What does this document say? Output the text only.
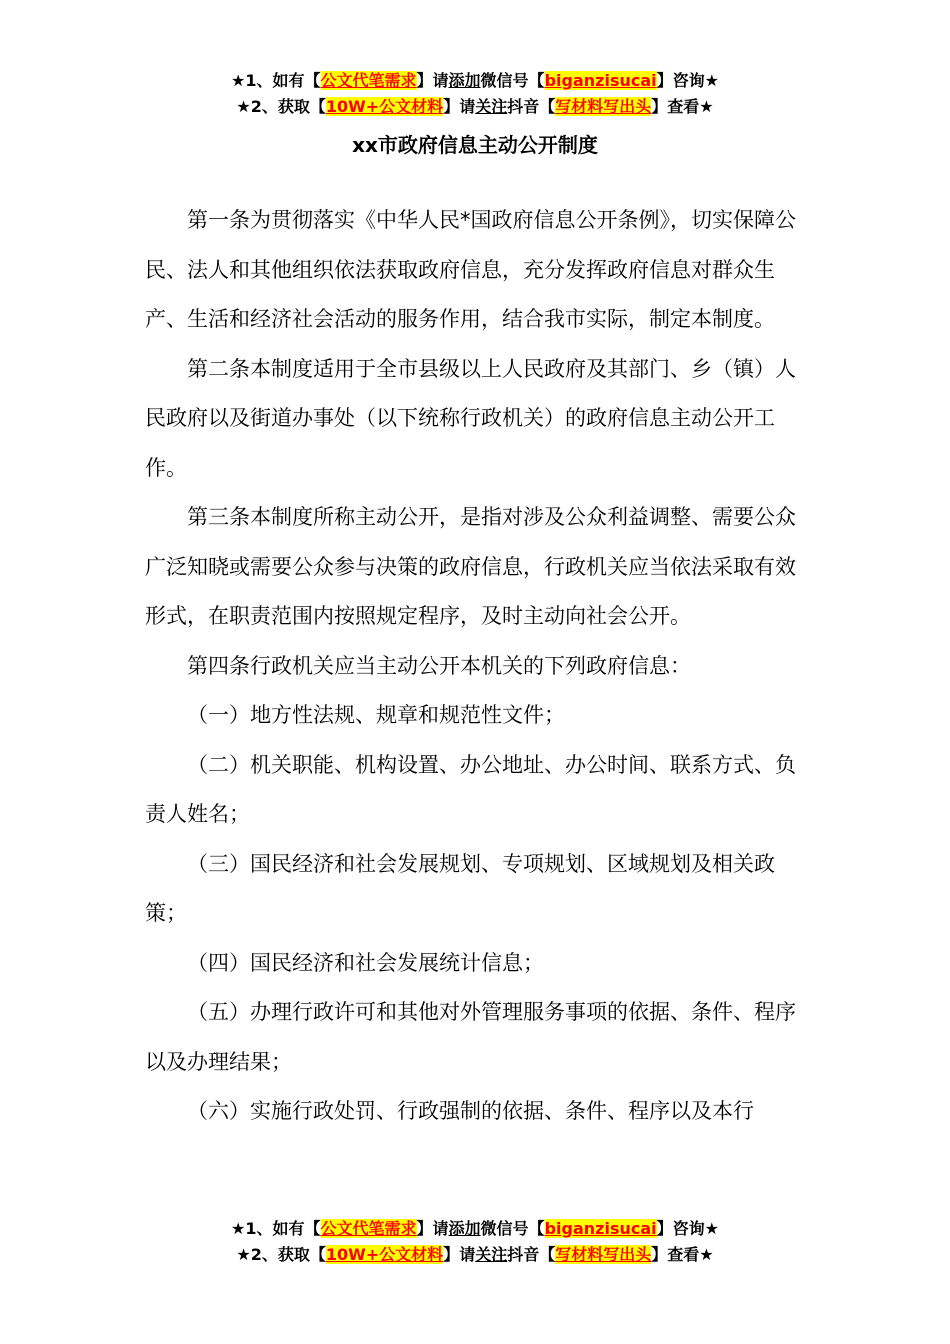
★1、如有【公文代笔需求】请添加微信号【biganzisucai】咨询★
★2、获取【10W+公文材料】请关注抖音【写材料写出头】查看★
xx市政府信息主动公开制度

第一条为贯彻落实《中华人民*国政府信息公开条例》，切实保障公民、法人和其他组织依法获取政府信息，充分发挥政府信息对群众生产、生活和经济社会活动的服务作用，结合我市实际，制定本制度。

第二条本制度适用于全市县级以上人民政府及其部门、乡（镇）人民政府以及街道办事处（以下统称行政机关）的政府信息主动公开工作。

第三条本制度所称主动公开，是指对涉及公众利益调整、需要公众广泛知晓或需要公众参与决策的政府信息，行政机关应当依法采取有效形式，在职责范围内按照规定程序，及时主动向社会公开。

第四条行政机关应当主动公开本机关的下列政府信息：

（一）地方性法规、规章和规范性文件；

（二）机关职能、机构设置、办公地址、办公时间、联系方式、负责人姓名；

（三）国民经济和社会发展规划、专项规划、区域规划及相关政策；

（四）国民经济和社会发展统计信息；

（五）办理行政许可和其他对外管理服务事项的依据、条件、程序以及办理结果；

（六）实施行政处罚、行政强制的依据、条件、程序以及本行

★1、如有【公文代笔需求】请添加微信号【biganzisucai】咨询★
★2、获取【10W+公文材料】请关注抖音【写材料写出头】查看★
